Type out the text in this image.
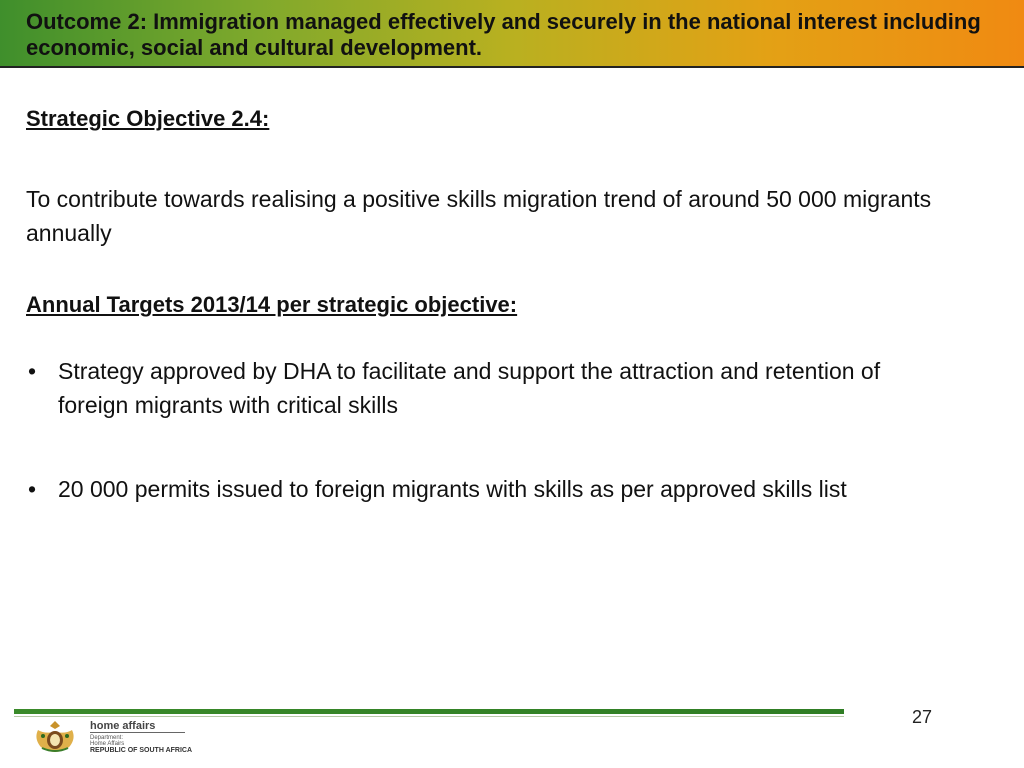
Outcome 2: Immigration managed effectively and securely in the national interest including economic, social and cultural development.
Strategic Objective 2.4:

To contribute towards realising a positive skills migration trend of around 50 000 migrants annually

Annual Targets 2013/14 per strategic objective:
• Strategy approved by DHA to facilitate and support the attraction and retention of foreign migrants with critical skills
• 20 000 permits issued to foreign migrants with skills as per approved skills list
27
home affairs
Department:
Home Affairs
REPUBLIC OF SOUTH AFRICA
